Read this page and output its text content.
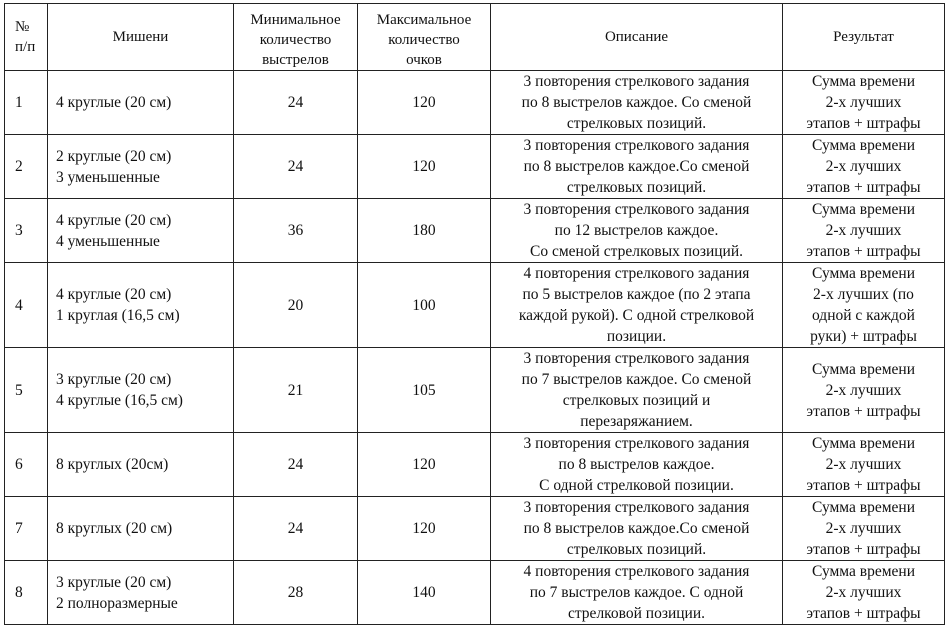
№
п/п	Мишени	Минимальное
количество
выстрелов	Максимальное
количество
очков	Описание	Результат
1	4 круглые (20 см)	24	120	3 повторения стрелкового задания
по 8 выстрелов каждое. Со сменой
стрелковых позиций.	Сумма времени
2-х лучших
этапов + штрафы

2	2 круглые (20 см)
3 уменьшенные	24	120	3 повторения стрелкового задания
по 8 выстрелов каждое.Со сменой
стрелковых позиций.	Сумма времени
2-х лучших
этапов + штрафы

3	4 круглые (20 см)
4 уменьшенные	36	180	3 повторения стрелкового задания
по 12 выстрелов каждое.
Со сменой стрелковых позиций.	Сумма времени
2-х лучших
этапов + штрафы

4	4 круглые (20 см)
1 круглая (16,5 см)	20	100	4 повторения стрелкового задания
по 5 выстрелов каждое (по 2 этапа
каждой рукой). С одной стрелковой
позиции.	Сумма времени
2-х лучших (по
одной с каждой
руки) + штрафы

5	3 круглые (20 см)
4 круглые (16,5 см)	21	105	3 повторения стрелкового задания
по 7 выстрелов каждое. Со сменой
стрелковых позиций и
перезаряжанием.	Сумма времени
2-х лучших
этапов + штрафы

6	8 круглых (20см)	24	120	3 повторения стрелкового задания
по 8 выстрелов каждое.
С одной стрелковой позиции.	Сумма времени
2-х лучших
этапов + штрафы

7	8 круглых (20 см)	24	120	3 повторения стрелкового задания
по 8 выстрелов каждое.Со сменой
стрелковых позиций.	Сумма времени
2-х лучших
этапов + штрафы

8	3 круглые (20 см)
2 полноразмерные	28	140	4 повторения стрелкового задания
по 7 выстрелов каждое. С одной
стрелковой позиции.	Сумма времени
2-х лучших
этапов + штрафы
